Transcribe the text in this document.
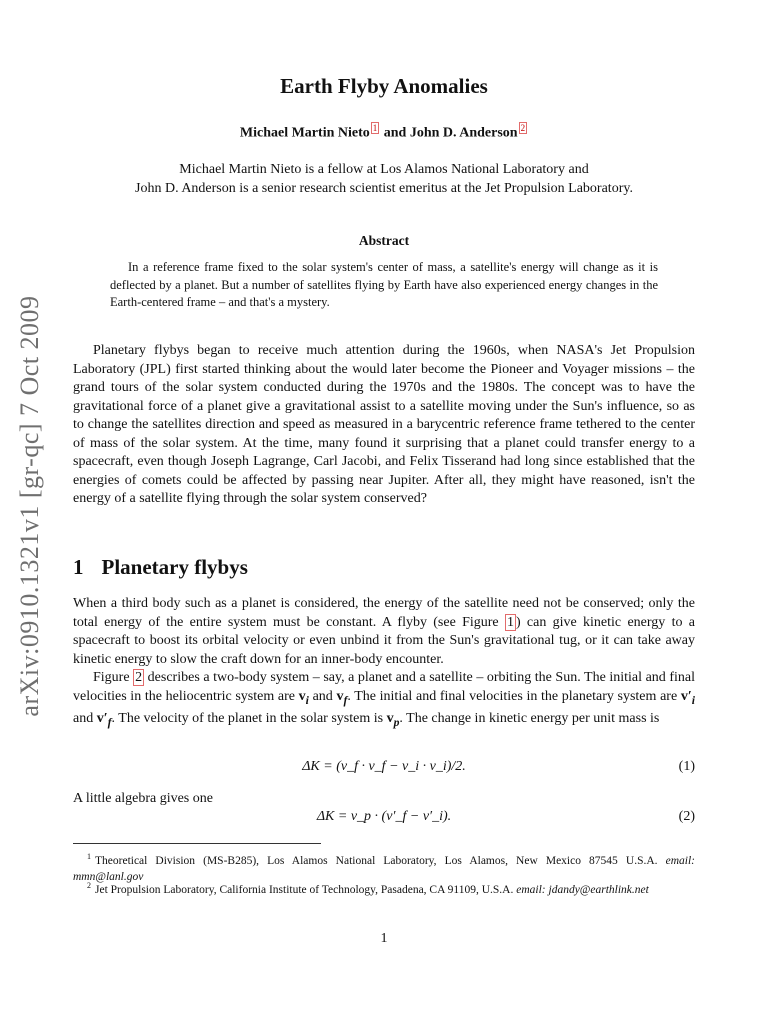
arXiv:0910.1321v1 [gr-qc] 7 Oct 2009
Earth Flyby Anomalies
Michael Martin Nieto $^1$ and John D. Anderson $^2$
Michael Martin Nieto is a fellow at Los Alamos National Laboratory and
John D. Anderson is a senior research scientist emeritus at the Jet Propulsion Laboratory.
Abstract
In a reference frame fixed to the solar system's center of mass, a satellite's energy will change as it is deflected by a planet. But a number of satellites flying by Earth have also experienced energy changes in the Earth-centered frame – and that's a mystery.
Planetary flybys began to receive much attention during the 1960s, when NASA's Jet Propulsion Laboratory (JPL) first started thinking about the would later become the Pioneer and Voyager missions – the grand tours of the solar system conducted during the 1970s and the 1980s. The concept was to have the gravitational force of a planet give a gravitational assist to a satellite moving under the Sun's influence, so as to change the satellites direction and speed as measured in a barycentric reference frame tethered to the center of mass of the solar system. At the time, many found it surprising that a planet could transfer energy to a spacecraft, even though Joseph Lagrange, Carl Jacobi, and Felix Tisserand had long since established that the energies of comets could be affected by passing near Jupiter. After all, they might have reasoned, isn't the energy of a satellite flying through the solar system conserved?
1 Planetary flybys
When a third body such as a planet is considered, the energy of the satellite need not be conserved; only the total energy of the entire system must be constant. A flyby (see Figure 1 ) can give kinetic energy to a spacecraft to boost its orbital velocity or even unbind it from the Sun's gravitational tug, or it can take away kinetic energy to slow the craft down for an inner-body encounter.
Figure 2 describes a two-body system – say, a planet and a satellite – orbiting the Sun. The initial and final velocities in the heliocentric system are $v_i$ and $v_f$. The initial and final velocities in the planetary system are $v'_i$ and $v'_f$. The velocity of the planet in the solar system is $v_p$. The change in kinetic energy per unit mass is
ΔK = (v_f · v_f − v_i · v_i)/2.	(1)
A little algebra gives one
ΔK = v_p · (v′_f − v′_i).	(2)
$^1$ Theoretical Division (MS-B285), Los Alamos National Laboratory, Los Alamos, New Mexico 87545 U.S.A. email: mmn@lanl.gov
$^2$ Jet Propulsion Laboratory, California Institute of Technology, Pasadena, CA 91109, U.S.A. email: jdandy@earthlink.net
1
